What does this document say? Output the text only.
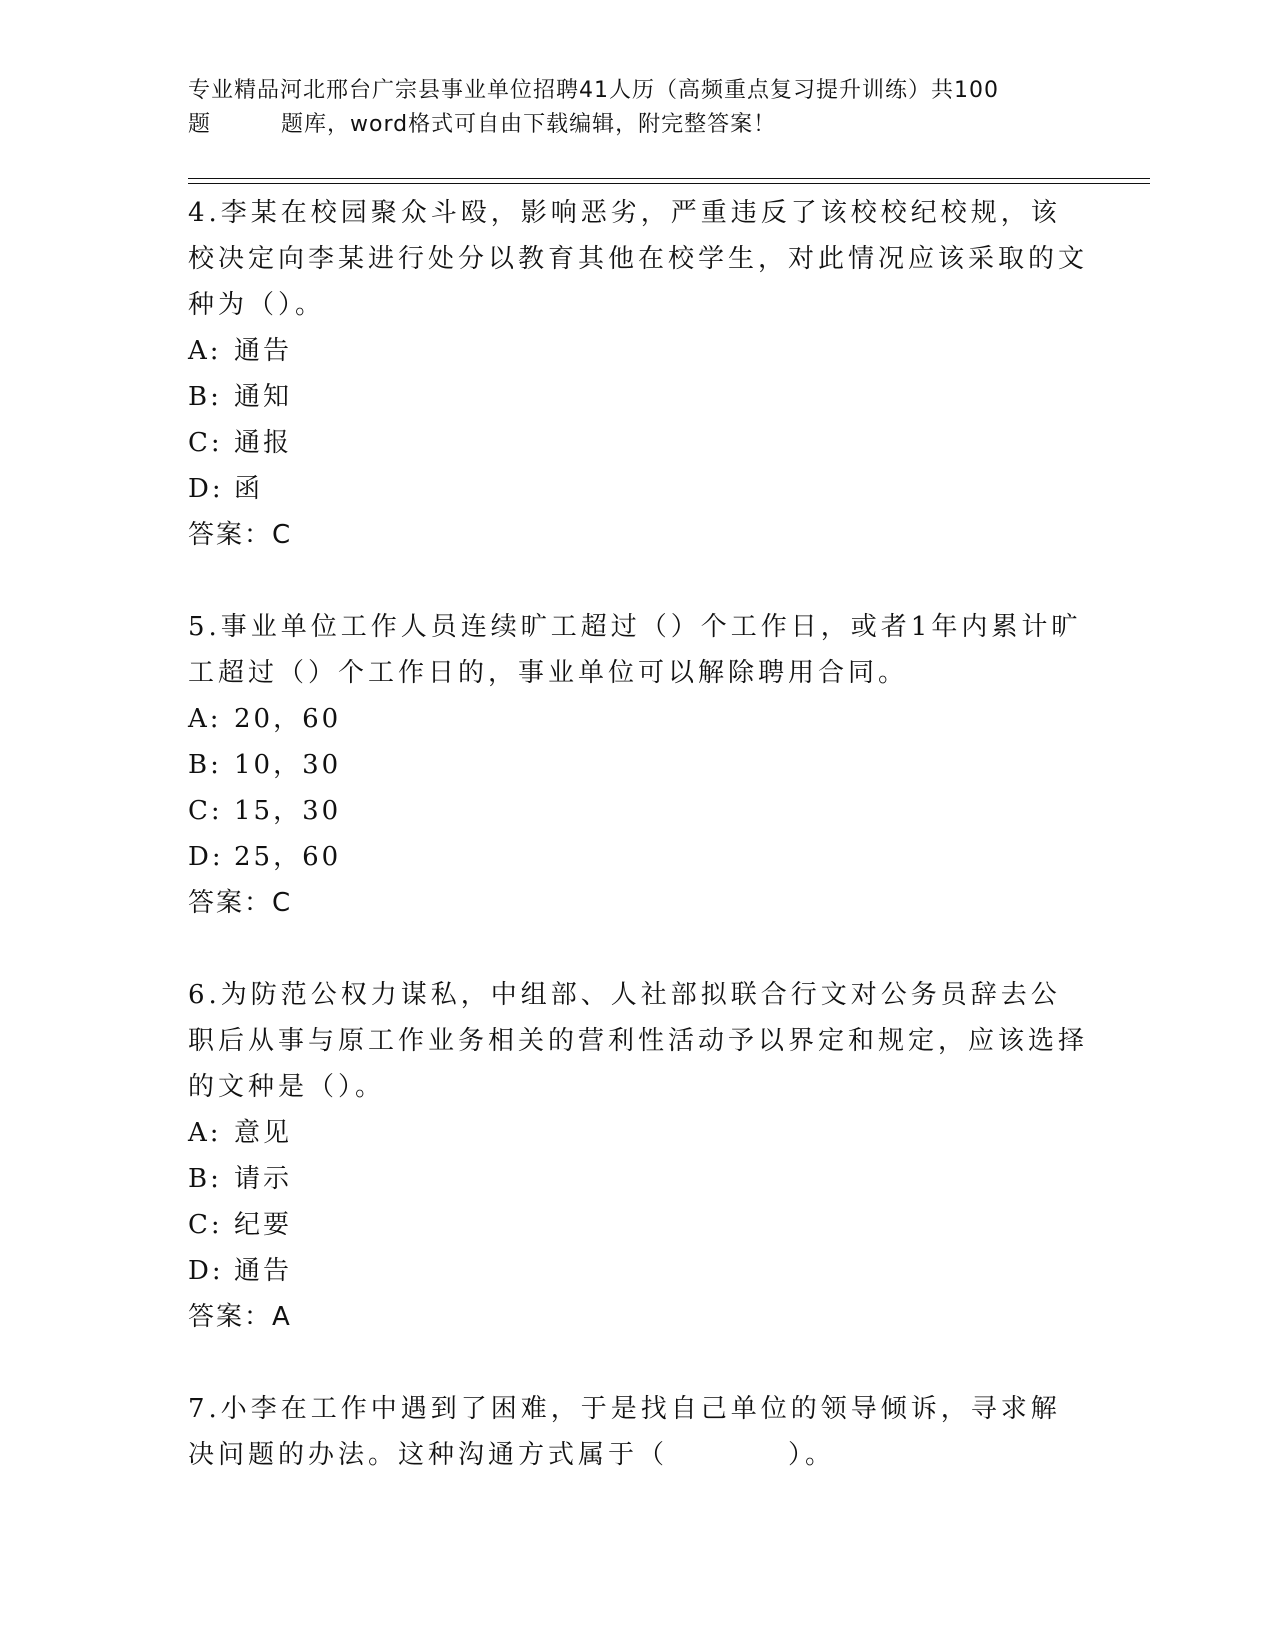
专业精品河北邢台广宗县事业单位招聘41人历（高频重点复习提升训练）共100
题	题库，word格式可自由下载编辑，附完整答案！

4.李某在校园聚众斗殴，影响恶劣，严重违反了该校校纪校规，该校决定向李某进行处分以教育其他在校学生，对此情况应该采取的文种为（）。

A: 通告

B: 通知

C: 通报

D: 函

答案：C

5.事业单位工作人员连续旷工超过（）个工作日，或者1年内累计旷工超过（）个工作日的，事业单位可以解除聘用合同。

A: 20，60

B: 10，30

C: 15，30

D: 25，60

答案：C

6.为防范公权力谋私，中组部、人社部拟联合行文对公务员辞去公职后从事与原工作业务相关的营利性活动予以界定和规定，应该选择的文种是（）。

A: 意见

B: 请示

C: 纪要

D: 通告

答案：A

7.小李在工作中遇到了困难，于是找自己单位的领导倾诉，寻求解决问题的办法。这种沟通方式属于（	）。
